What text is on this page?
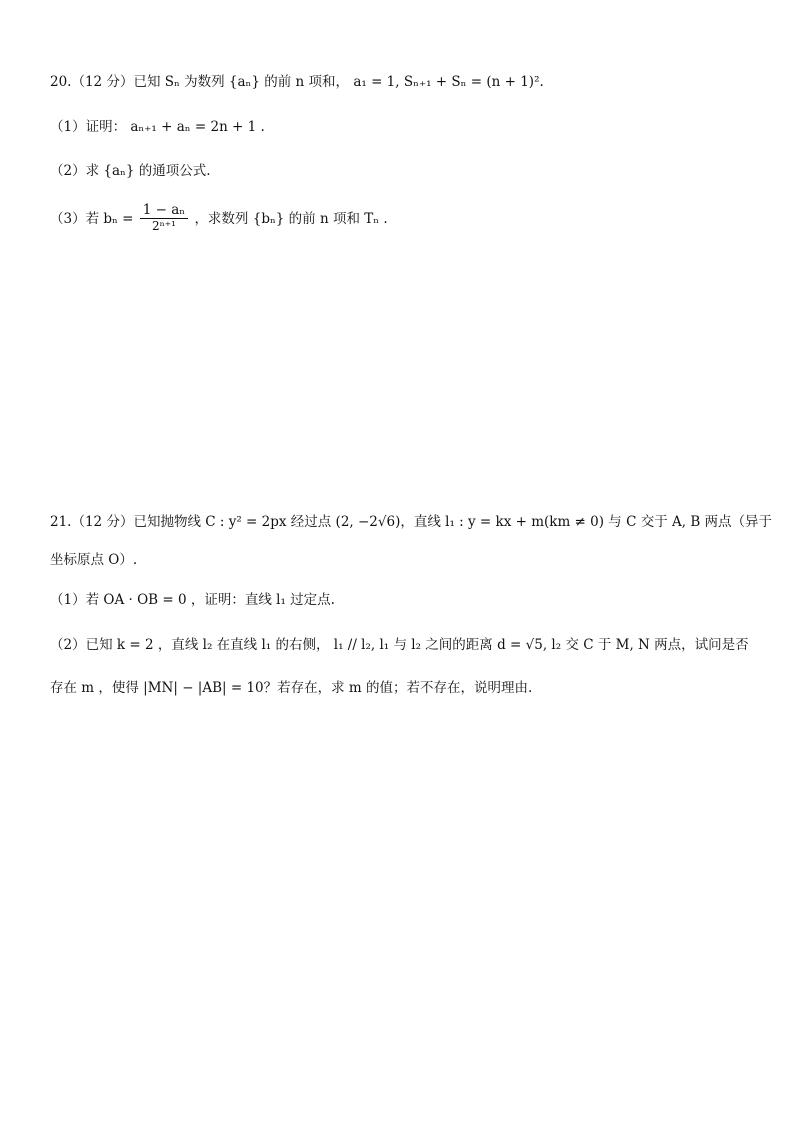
20.（12 分）已知 Sₙ 为数列 {aₙ} 的前 n 项和， a₁ = 1, Sₙ₊₁ + Sₙ = (n + 1)².
（1）证明： aₙ₊₁ + aₙ = 2n + 1 .
（2）求 {aₙ} 的通项公式.
（3）若 $b_n = \frac{\text{1 − aₙ}}{\text{2ⁿ⁺¹}}$ ，求数列 {bₙ} 的前 n 项和 Tₙ .
21.（12 分）已知抛物线 C : y² = 2px 经过点 (2, −2√6)，直线 l₁ : y = kx + m(km ≠ 0) 与 C 交于 A, B 两点（异于
坐标原点 O）.
（1）若 OA · OB = 0 ，证明：直线 l₁ 过定点.
（2）已知 k = 2 ，直线 l₂ 在直线 l₁ 的右侧， l₁ // l₂, l₁ 与 l₂ 之间的距离 d = √5, l₂ 交 C 于 M, N 两点，试问是否
存在 m ，使得 |MN| − |AB| = 10？若存在，求 m 的值；若不存在，说明理由.
